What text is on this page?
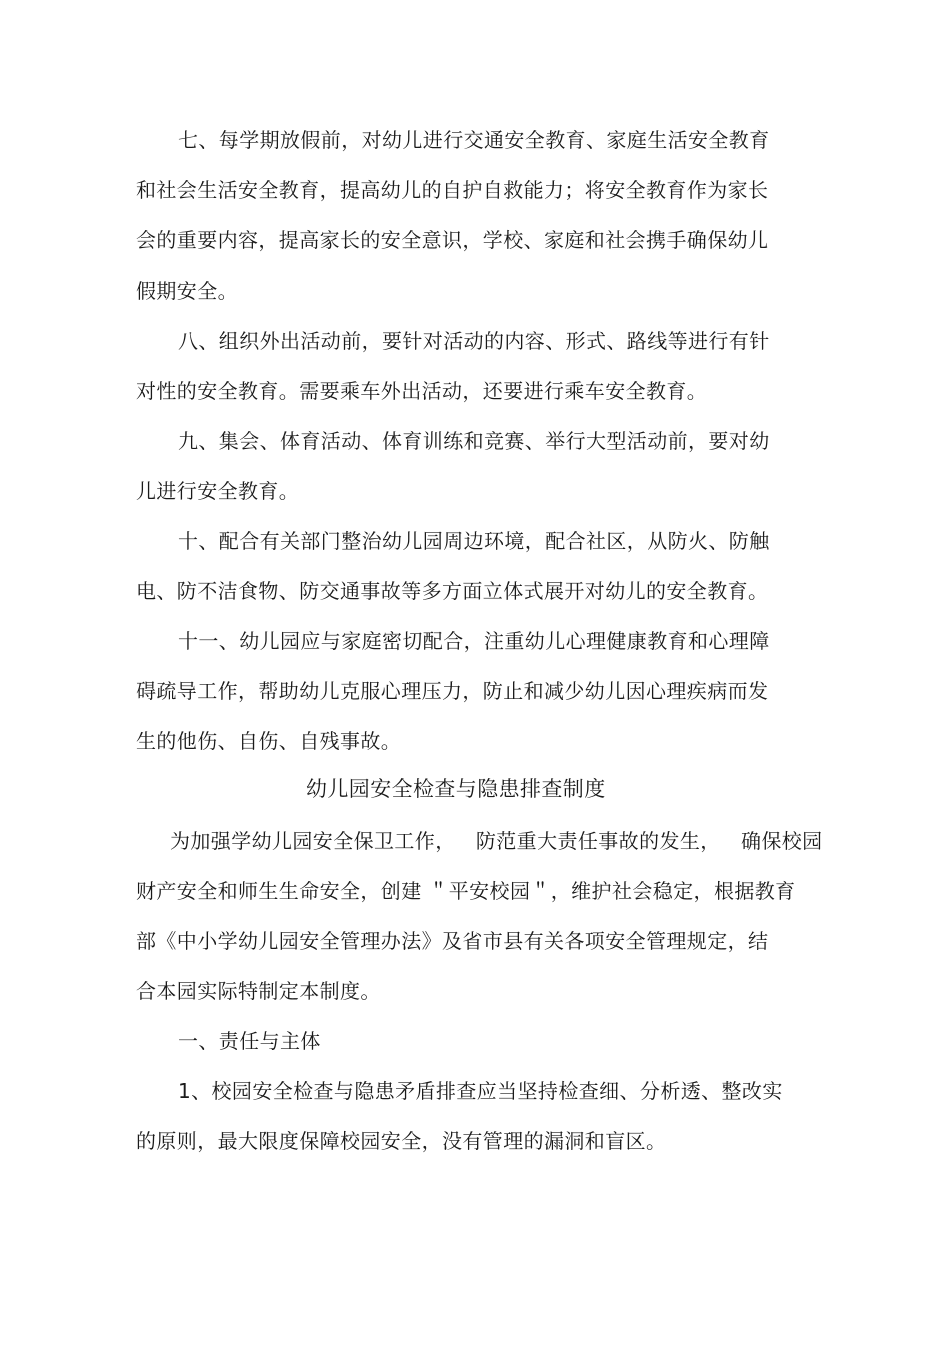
七、每学期放假前，对幼儿进行交通安全教育、家庭生活安全教育
和社会生活安全教育，提高幼儿的自护自救能力；将安全教育作为家长
会的重要内容，提高家长的安全意识，学校、家庭和社会携手确保幼儿
假期安全。
八、组织外出活动前，要针对活动的内容、形式、路线等进行有针
对性的安全教育。需要乘车外出活动，还要进行乘车安全教育。
九、集会、体育活动、体育训练和竞赛、举行大型活动前，要对幼
儿进行安全教育。
十、配合有关部门整治幼儿园周边环境，配合社区，从防火、防触
电、防不洁食物、防交通事故等多方面立体式展开对幼儿的安全教育。
十一、幼儿园应与家庭密切配合，注重幼儿心理健康教育和心理障
碍疏导工作，帮助幼儿克服心理压力，防止和减少幼儿因心理疾病而发
生的他伤、自伤、自残事故。
幼儿园安全检查与隐患排查制度
为加强学幼儿园安全保卫工作，   防范重大责任事故的发生，   确保校园
财产安全和师生生命安全，创建 ＂平安校园＂，维护社会稳定，根据教育
部《中小学幼儿园安全管理办法》及省市县有关各项安全管理规定，结
合本园实际特制定本制度。
一、责任与主体
1、校园安全检查与隐患矛盾排查应当坚持检查细、分析透、整改实
的原则，最大限度保障校园安全，没有管理的漏洞和盲区。
